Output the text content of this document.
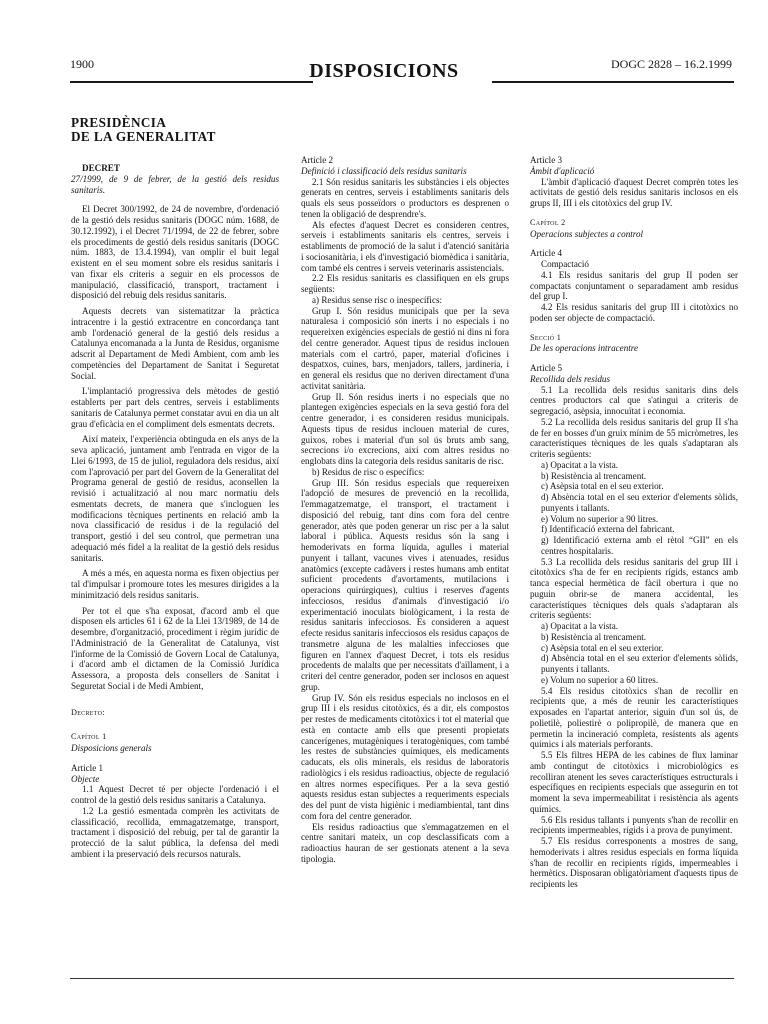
1900	DISPOSICIONS	DOGC 2828 – 16.2.1999
PRESIDÈNCIA
DE LA GENERALITAT

DECRET

27/1999, de 9 de febrer, de la gestió dels residus sanitaris.

El Decret 300/1992, de 24 de novembre, d'ordenació de la gestió dels residus sanitaris (DOGC núm. 1688, de 30.12.1992), i el Decret 71/1994, de 22 de febrer, sobre els procediments de gestió dels residus sanitaris (DOGC núm. 1883, de 13.4.1994), van omplir el buit legal existent en el seu moment sobre els residus sanitaris i van fixar els criteris a seguir en els processos de manipulació, classificació, transport, tractament i disposició del rebuig dels residus sanitaris.

Aquests decrets van sistematitzar la pràctica intracentre i la gestió extracentre en concordança tant amb l'ordenació general de la gestió dels residus a Catalunya encomanada a la Junta de Residus, organisme adscrit al Departament de Medi Ambient, com amb les competències del Departament de Sanitat i Seguretat Social.

L'implantació progressiva dels mètodes de gestió establerts per part dels centres, serveis i establiments sanitaris de Catalunya permet constatar avui en dia un alt grau d'eficàcia en el compliment dels esmentats decrets.

Així mateix, l'experiència obtinguda en els anys de la seva aplicació, juntament amb l'entrada en vigor de la Llei 6/1993, de 15 de juliol, reguladora dels residus, així com l'aprovació per part del Govern de la Generalitat del Programa general de gestió de residus, aconsellen la revisió i actualització al nou marc normatiu dels esmentats decrets, de manera que s'incloguen les modificacions tècniques pertinents en relació amb la nova classificació de residus i de la regulació del transport, gestió i del seu control, que permetran una adequació més fidel a la realitat de la gestió dels residus sanitaris.

A més a més, en aquesta norma es fixen objectius per tal d'impulsar i promoure totes les mesures dirigides a la minimització dels residus sanitaris.

Per tot el que s'ha exposat, d'acord amb el que disposen els articles 61 i 62 de la Llei 13/1989, de 14 de desembre, d'organització, procediment i règim jurídic de l'Administració de la Generalitat de Catalunya, vist l'informe de la Comissió de Govern Local de Catalunya, i d'acord amb el dictamen de la Comissió Jurídica Assessora, a proposta dels consellers de Sanitat i Seguretat Social i de Medi Ambient,

Decreto:

Capítol 1

Disposicions generals

Article 1

Objecte

1.1 Aquest Decret té per objecte l'ordenació i el control de la gestió dels residus sanitaris a Catalunya.

1.2 La gestió esmentada comprèn les activitats de classificació, recollida, emmagatzematge, transport, tractament i disposició del rebuig, per tal de garantir la protecció de la salut pública, la defensa del medi ambient i la preservació dels recursos naturals.

Article 2

Definició i classificació dels residus sanitaris

2.1 Són residus sanitaris les substàncies i els objectes generats en centres, serveis i establiments sanitaris dels quals els seus posseïdors o productors es desprenen o tenen la obligació de desprendre's.

Als efectes d'aquest Decret es consideren centres, serveis i establiments sanitaris els centres, serveis i establiments de promoció de la salut i d'atenció sanitària i sociosanitària, i els d'investigació biomèdica i sanitària, com també els centres i serveis veterinaris assistencials.

2.2 Els residus sanitaris es classifiquen en els grups següents:

a) Residus sense risc o inespecífics:

Grup I. Són residus municipals que per la seva naturalesa i composició són inerts i no especials i no requereixen exigències especials de gestió ni dins ni fora del centre generador. Aquest tipus de residus inclouen materials com el cartró, paper, material d'oficines i despatxos, cuines, bars, menjadors, tallers, jardineria, i en general els residus que no deriven directament d'una activitat sanitària.

Grup II. Són residus inerts i no especials que no plantegen exigències especials en la seva gestió fora del centre generador, i es consideren residus municipals. Aquests tipus de residus inclouen material de cures, guixos, robes i material d'un sol ús bruts amb sang, secrecions i/o excrecions, així com altres residus no englobats dins la categoria dels residus sanitaris de risc.

b) Residus de risc o específics:

Grup III. Són residus especials que requereixen l'adopció de mesures de prevenció en la recollida, l'emmagatzematge, el transport, el tractament i disposició del rebuig, tant dins com fora del centre generador, atès que poden generar un risc per a la salut laboral i pública. Aquests residus són la sang i hemoderivats en forma líquida, agulles i material punyent i tallant, vacunes vives i atenuades, residus anatòmics (excepte cadàvers i restes humans amb entitat suficient procedents d'avortaments, mutilacions i operacions quirúrgiques), cultius i reserves d'agents infecciosos, residus d'animals d'investigació i/o experimentació inoculats biològicament, i la resta de residus sanitaris infecciosos. Es consideren a aquest efecte residus sanitaris infecciosos els residus capaços de transmetre alguna de les malalties infeccioses que figuren en l'annex d'aquest Decret, i tots els residus procedents de malalts que per necessitats d'aïllament, i a criteri del centre generador, poden ser inclosos en aquest grup.

Grup IV. Són els residus especials no inclosos en el grup III i els residus citotòxics, és a dir, els compostos per restes de medicaments citotòxics i tot el material que està en contacte amb ells que presenti propietats cancerígenes, mutagèniques i teratogèniques, com també les restes de substàncies químiques, els medicaments caducats, els olis minerals, els residus de laboratoris radiològics i els residus radioactius, objecte de regulació en altres normes específiques. Per a la seva gestió aquests residus estan subjectes a requeriments especials des del punt de vista higiènic i mediambiental, tant dins com fora del centre generador.

Els residus radioactius que s'emmagatzemen en el centre sanitari mateix, un cop desclassificats com a radioactius hauran de ser gestionats atenent a la seva tipologia.

Article 3

Àmbit d'aplicació

L'àmbit d'aplicació d'aquest Decret comprèn totes les activitats de gestió dels residus sanitaris inclosos en els grups II, III i els citotòxics del grup IV.

Capítol 2

Operacions subjectes a control

Article 4

Compactació

4.1 Els residus sanitaris del grup II poden ser compactats conjuntament o separadament amb residus del grup I.

4.2 Els residus sanitaris del grup III i citotòxics no poden ser objecte de compactació.

Secció 1

De les operacions intracentre

Article 5

Recollida dels residus

5.1 La recollida dels residus sanitaris dins dels centres productors cal que s'atingui a criteris de segregació, asèpsia, innocuïtat i economia.

5.2 La recollida dels residus sanitaris del grup II s'ha de fer en bosses d'un gruix mínim de 55 micròmetres, les característiques tècniques de les quals s'adaptaran als criteris següents:

a) Opacitat a la vista.

b) Resistència al trencament.

c) Asèpsia total en el seu exterior.

d) Absència total en el seu exterior d'elements sòlids, punyents i tallants.

e) Volum no superior a 90 litres.

f) Identificació externa del fabricant.

g) Identificació externa amb el rètol “GII” en els centres hospitalaris.

5.3 La recollida dels residus sanitaris del grup III i citotòxics s'ha de fer en recipients rígids, estancs amb tanca especial hermètica de fàcil obertura i que no puguin obrir-se de manera accidental, les característiques tècniques dels quals s'adaptaran als criteris següents:

a) Opacitat a la vista.

b) Resistència al trencament.

c) Asèpsia total en el seu exterior.

d) Absència total en el seu exterior d'elements sòlids, punyents i tallants.

e) Volum no superior a 60 litres.

5.4 Els residus citotòxics s'han de recollir en recipients que, a més de reunir les característiques exposades en l'apartat anterior, siguin d'un sol ús, de polietilè, poliestirè o polipropilè, de manera que en permetin la incineració completa, resistents als agents químics i als materials perforants.

5.5 Els filtres HEPA de les cabines de flux laminar amb contingut de citotòxics i microbiològics es recolliran atenent les seves característiques estructurals i específiques en recipients especials que assegurin en tot moment la seva impermeabilitat i resistència als agents químics.

5.6 Els residus tallants i punyents s'han de recollir en recipients impermeables, rígids i a prova de punyiment.

5.7 Els residus corresponents a mostres de sang, hemoderivats i altres residus especials en forma líquida s'han de recollir en recipients rígids, impermeables i hermètics. Disposaran obligatòriament d'aquests tipus de recipients les
